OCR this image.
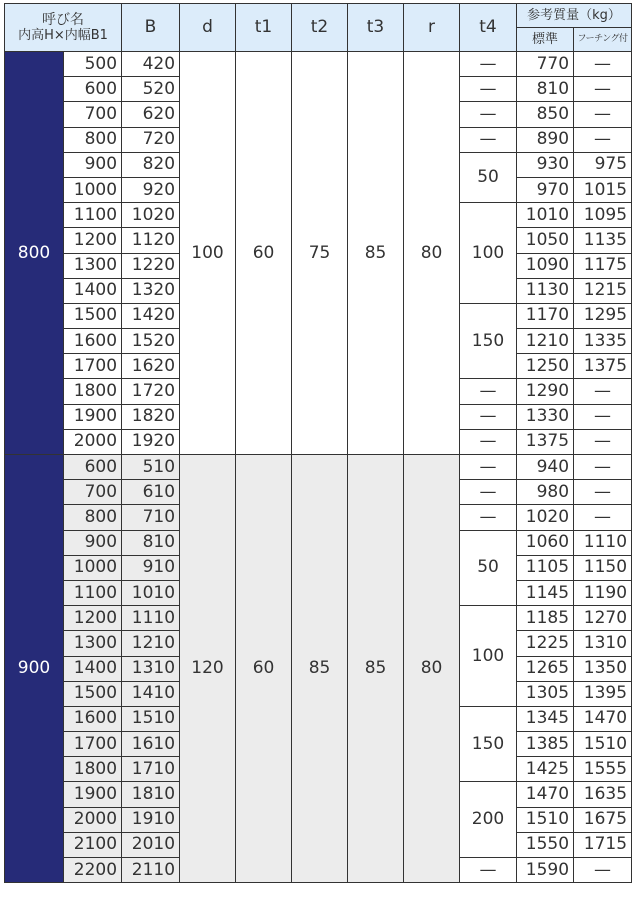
呼び名
内高H×内幅B1		B	d	t1	t2	t3	r	t4	参考質量（kg）	
									標準	フーチング付
800	500	420	100	60	75	85	80	—	770	—
	600	520						—	810	—
	700	620						—	850	—
	800	720						—	890	—
	900	820						50	930	975
	1000	920							970	1015
	1100	1020						100	1010	1095
	1200	1120							1050	1135
	1300	1220							1090	1175
	1400	1320							1130	1215
	1500	1420						150	1170	1295
	1600	1520							1210	1335
	1700	1620							1250	1375
	1800	1720						—	1290	—
	1900	1820						—	1330	—
	2000	1920						—	1375	—
900	600	510	120	60	85	85	80	—	940	—
	700	610						—	980	—
	800	710						—	1020	—
	900	810						50	1060	1110
	1000	910							1105	1150
	1100	1010							1145	1190
	1200	1110						100	1185	1270
	1300	1210							1225	1310
	1400	1310							1265	1350
	1500	1410							1305	1395
	1600	1510						150	1345	1470
	1700	1610							1385	1510
	1800	1710							1425	1555
	1900	1810						200	1470	1635
	2000	1910							1510	1675
	2100	2010							1550	1715
	2200	2110						—	1590	—
